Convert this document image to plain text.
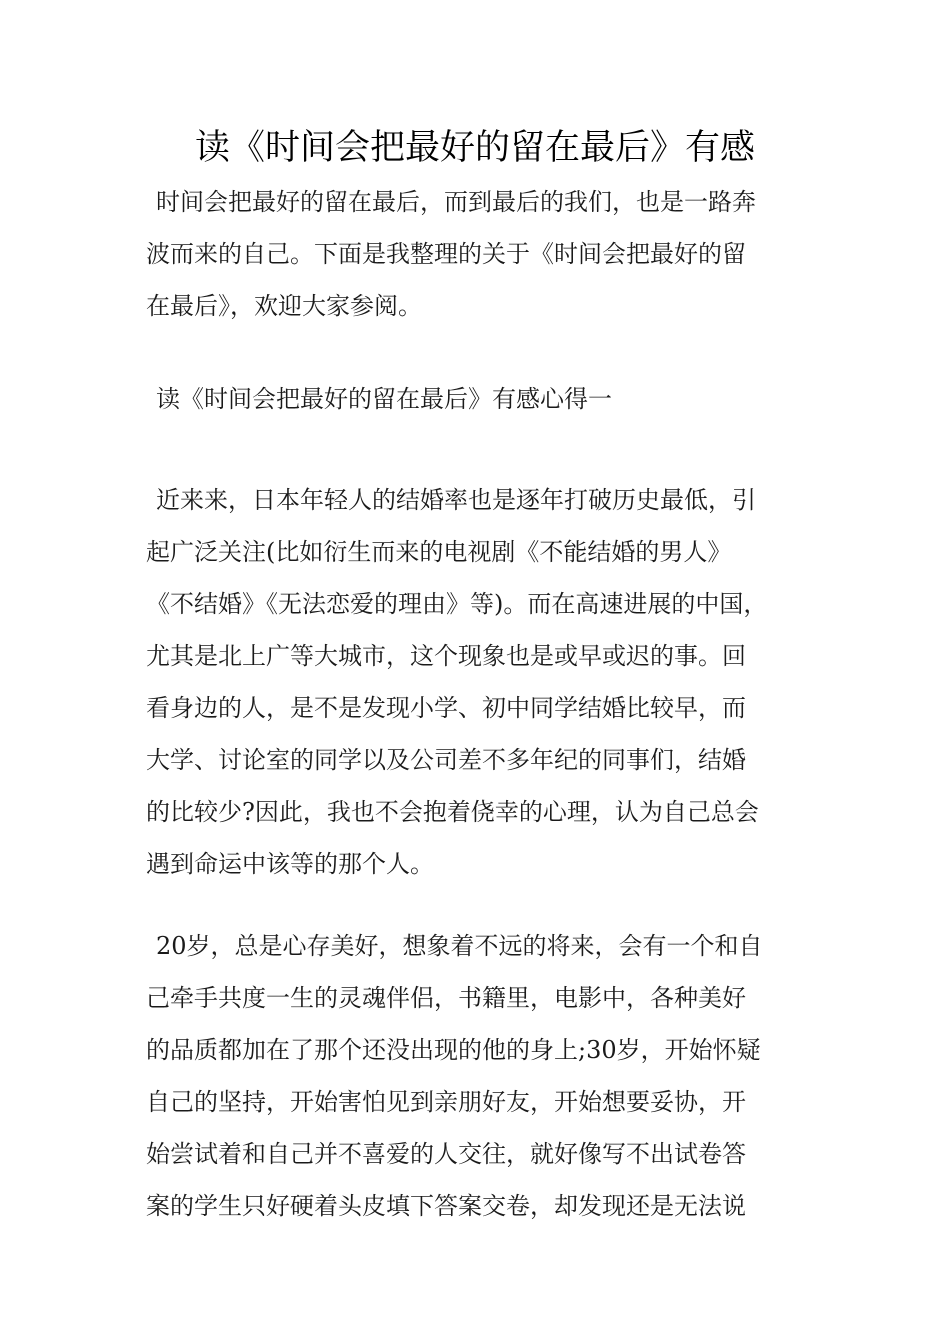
读《时间会把最好的留在最后》有感
时间会把最好的留在最后，而到最后的我们，也是一路奔
波而来的自己。下面是我整理的关于《时间会把最好的留
在最后》，欢迎大家参阅。
读《时间会把最好的留在最后》有感心得一
近来来，日本年轻人的结婚率也是逐年打破历史最低，引
起广泛关注(比如衍生而来的电视剧《不能结婚的男人》
《不结婚》《无法恋爱的理由》等)。而在高速进展的中国，
尤其是北上广等大城市，这个现象也是或早或迟的事。回
看身边的人，是不是发现小学、初中同学结婚比较早，而
大学、讨论室的同学以及公司差不多年纪的同事们，结婚
的比较少?因此，我也不会抱着侥幸的心理，认为自己总会
遇到命运中该等的那个人。
20岁，总是心存美好，想象着不远的将来，会有一个和自
己牵手共度一生的灵魂伴侣，书籍里，电影中，各种美好
的品质都加在了那个还没出现的他的身上;30岁，开始怀疑
自己的坚持，开始害怕见到亲朋好友，开始想要妥协，开
始尝试着和自己并不喜爱的人交往，就好像写不出试卷答
案的学生只好硬着头皮填下答案交卷，却发现还是无法说
